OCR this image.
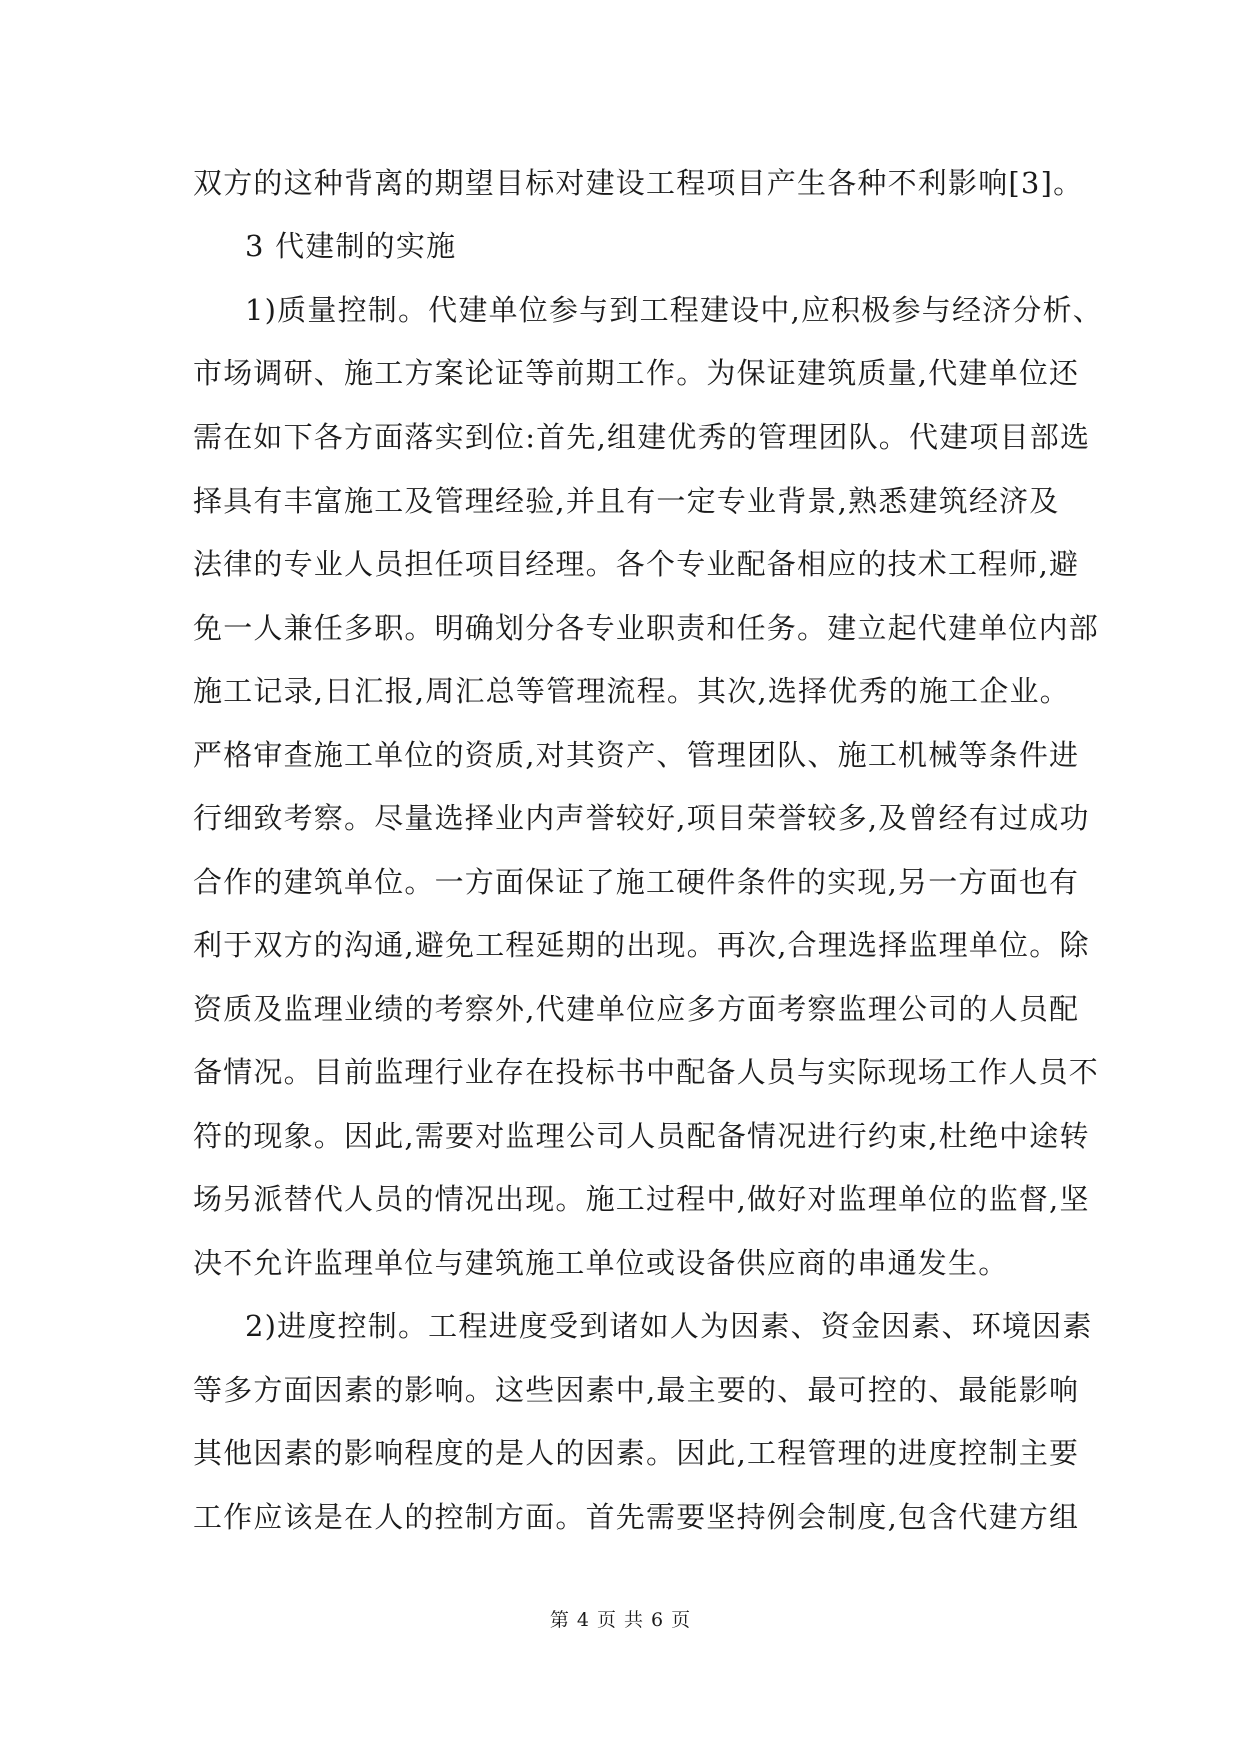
双方的这种背离的期望目标对建设工程项目产生各种不利影响[3]。
3 代建制的实施
1)质量控制。代建单位参与到工程建设中,应积极参与经济分析、
市场调研、施工方案论证等前期工作。为保证建筑质量,代建单位还
需在如下各方面落实到位:首先,组建优秀的管理团队。代建项目部选
择具有丰富施工及管理经验,并且有一定专业背景,熟悉建筑经济及
法律的专业人员担任项目经理。各个专业配备相应的技术工程师,避
免一人兼任多职。明确划分各专业职责和任务。建立起代建单位内部
施工记录,日汇报,周汇总等管理流程。其次,选择优秀的施工企业。
严格审查施工单位的资质,对其资产、管理团队、施工机械等条件进
行细致考察。尽量选择业内声誉较好,项目荣誉较多,及曾经有过成功
合作的建筑单位。一方面保证了施工硬件条件的实现,另一方面也有
利于双方的沟通,避免工程延期的出现。再次,合理选择监理单位。除
资质及监理业绩的考察外,代建单位应多方面考察监理公司的人员配
备情况。目前监理行业存在投标书中配备人员与实际现场工作人员不
符的现象。因此,需要对监理公司人员配备情况进行约束,杜绝中途转
场另派替代人员的情况出现。施工过程中,做好对监理单位的监督,坚
决不允许监理单位与建筑施工单位或设备供应商的串通发生。
2)进度控制。工程进度受到诸如人为因素、资金因素、环境因素
等多方面因素的影响。这些因素中,最主要的、最可控的、最能影响
其他因素的影响程度的是人的因素。因此,工程管理的进度控制主要
工作应该是在人的控制方面。首先需要坚持例会制度,包含代建方组
第 4 页 共 6 页
